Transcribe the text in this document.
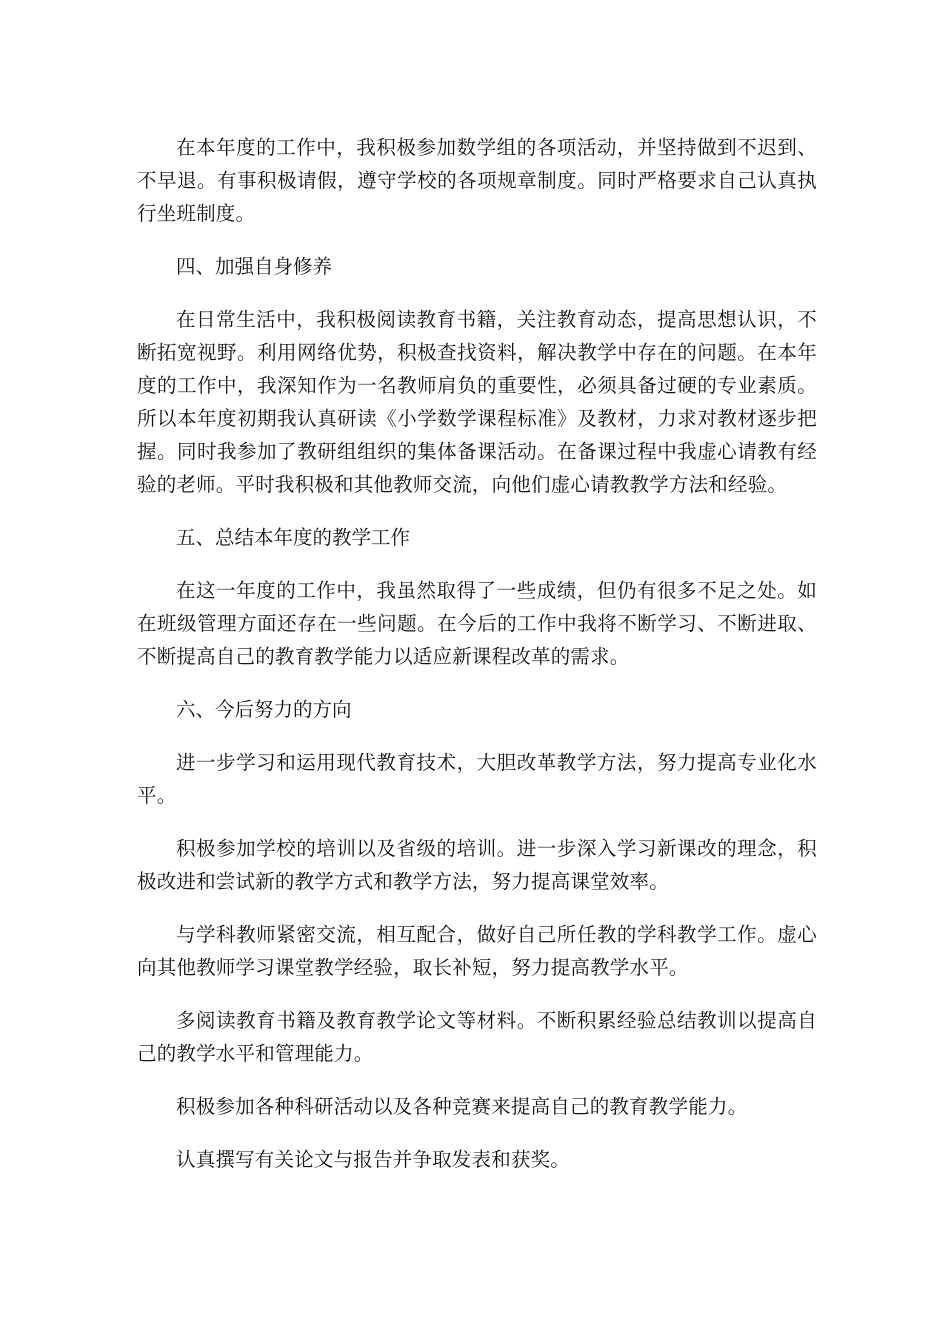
在本年度的工作中，我积极参加数学组的各项活动，并坚持做到不迟到、不早退。有事积极请假，遵守学校的各项规章制度。同时严格要求自己认真执行坐班制度。

四、加强自身修养

在日常生活中，我积极阅读教育书籍，关注教育动态，提高思想认识，不断拓宽视野。利用网络优势，积极查找资料，解决教学中存在的问题。在本年度的工作中，我深知作为一名教师肩负的重要性，必须具备过硬的专业素质。所以本年度初期我认真研读《小学数学课程标准》及教材，力求对教材逐步把握。同时我参加了教研组组织的集体备课活动。在备课过程中我虚心请教有经验的老师。平时我积极和其他教师交流，向他们虚心请教教学方法和经验。

五、总结本年度的教学工作

在这一年度的工作中，我虽然取得了一些成绩，但仍有很多不足之处。如在班级管理方面还存在一些问题。在今后的工作中我将不断学习、不断进取、不断提高自己的教育教学能力以适应新课程改革的需求。

六、今后努力的方向

进一步学习和运用现代教育技术，大胆改革教学方法，努力提高专业化水平。

积极参加学校的培训以及省级的培训。进一步深入学习新课改的理念，积极改进和尝试新的教学方式和教学方法，努力提高课堂效率。

与学科教师紧密交流，相互配合，做好自己所任教的学科教学工作。虚心向其他教师学习课堂教学经验，取长补短，努力提高教学水平。

多阅读教育书籍及教育教学论文等材料。不断积累经验总结教训以提高自己的教学水平和管理能力。

积极参加各种科研活动以及各种竞赛来提高自己的教育教学能力。

认真撰写有关论文与报告并争取发表和获奖。
